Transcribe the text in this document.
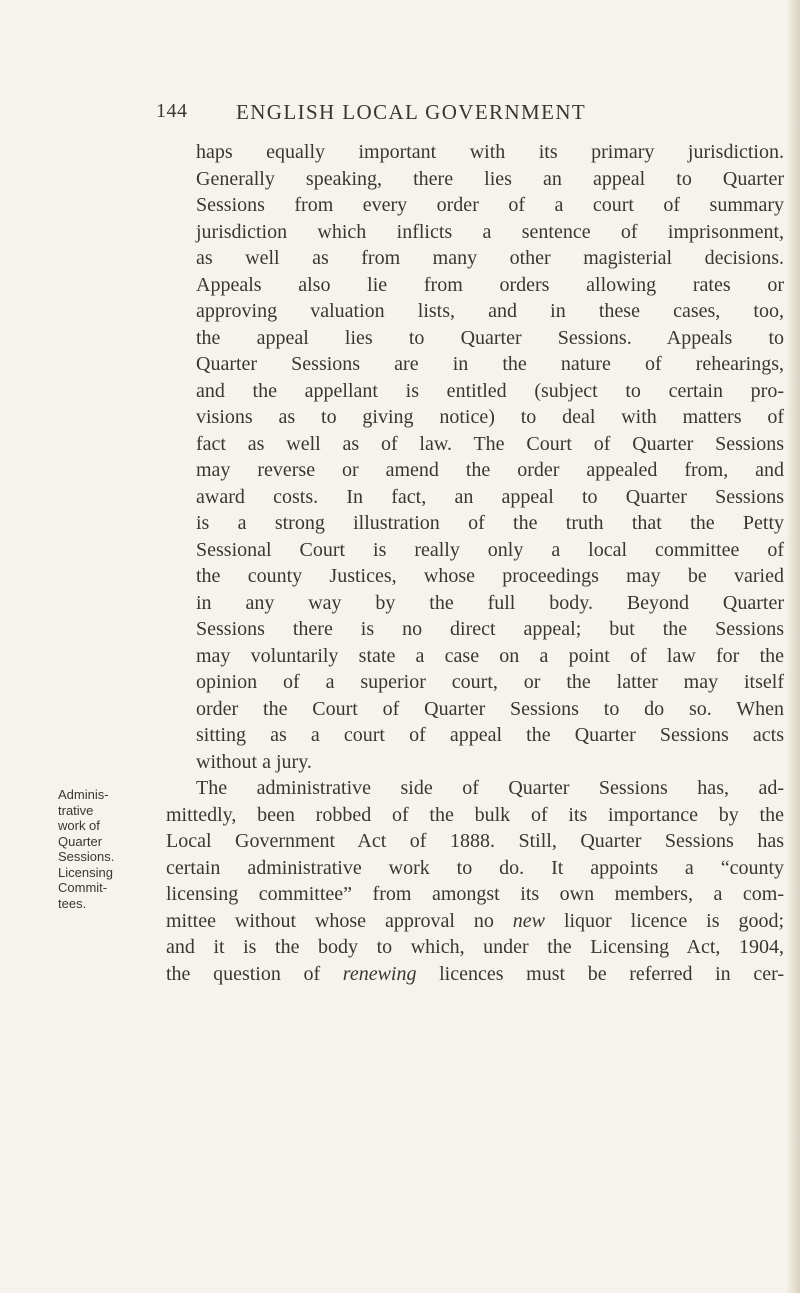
144 ENGLISH LOCAL GOVERNMENT
Adminis-
trative
work of
Quarter
Sessions.
Licensing
Commit-
tees.
haps equally important with its primary jurisdiction.
Generally speaking, there lies an appeal to Quarter
Sessions from every order of a court of summary
jurisdiction which inflicts a sentence of imprisonment,
as well as from many other magisterial decisions.
Appeals also lie from orders allowing rates or
approving valuation lists, and in these cases, too,
the appeal lies to Quarter Sessions. Appeals to
Quarter Sessions are in the nature of rehearings,
and the appellant is entitled (subject to certain pro-
visions as to giving notice) to deal with matters of
fact as well as of law. The Court of Quarter Sessions
may reverse or amend the order appealed from, and
award costs. In fact, an appeal to Quarter Sessions
is a strong illustration of the truth that the Petty
Sessional Court is really only a local committee of
the county Justices, whose proceedings may be varied
in any way by the full body. Beyond Quarter
Sessions there is no direct appeal; but the Sessions
may voluntarily state a case on a point of law for the
opinion of a superior court, or the latter may itself
order the Court of Quarter Sessions to do so. When
sitting as a court of appeal the Quarter Sessions acts
without a jury.
The administrative side of Quarter Sessions has, ad-
mittedly, been robbed of the bulk of its importance by the
Local Government Act of 1888. Still, Quarter Sessions has
certain administrative work to do. It appoints a “county
licensing committee” from amongst its own members, a com-
mittee without whose approval no new liquor licence is good;
and it is the body to which, under the Licensing Act, 1904,
the question of renewing licences must be referred in cer-
